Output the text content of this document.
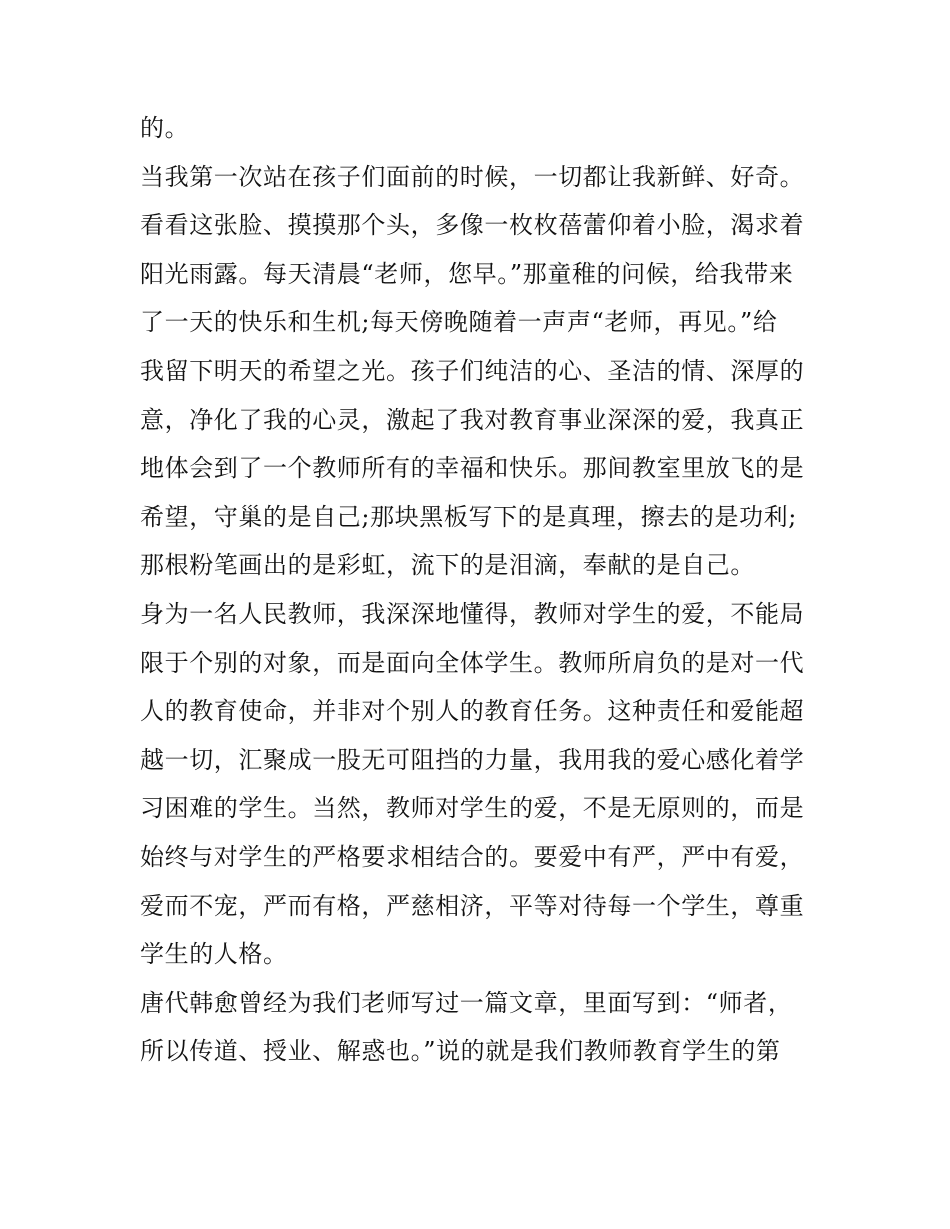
的。
当我第一次站在孩子们面前的时候，一切都让我新鲜、好奇。
看看这张脸、摸摸那个头，多像一枚枚蓓蕾仰着小脸，渴求着
阳光雨露。每天清晨“老师，您早。”那童稚的问候，给我带来
了一天的快乐和生机;每天傍晚随着一声声“老师，再见。”给
我留下明天的希望之光。孩子们纯洁的心、圣洁的情、深厚的
意，净化了我的心灵，激起了我对教育事业深深的爱，我真正
地体会到了一个教师所有的幸福和快乐。那间教室里放飞的是
希望，守巢的是自己;那块黑板写下的是真理，擦去的是功利;
那根粉笔画出的是彩虹，流下的是泪滴，奉献的是自己。
身为一名人民教师，我深深地懂得，教师对学生的爱，不能局
限于个别的对象，而是面向全体学生。教师所肩负的是对一代
人的教育使命，并非对个别人的教育任务。这种责任和爱能超
越一切，汇聚成一股无可阻挡的力量，我用我的爱心感化着学
习困难的学生。当然，教师对学生的爱，不是无原则的，而是
始终与对学生的严格要求相结合的。要爱中有严，严中有爱，
爱而不宠，严而有格，严慈相济，平等对待每一个学生，尊重
学生的人格。
唐代韩愈曾经为我们老师写过一篇文章，里面写到：“师者，
所以传道、授业、解惑也。”说的就是我们教师教育学生的第
